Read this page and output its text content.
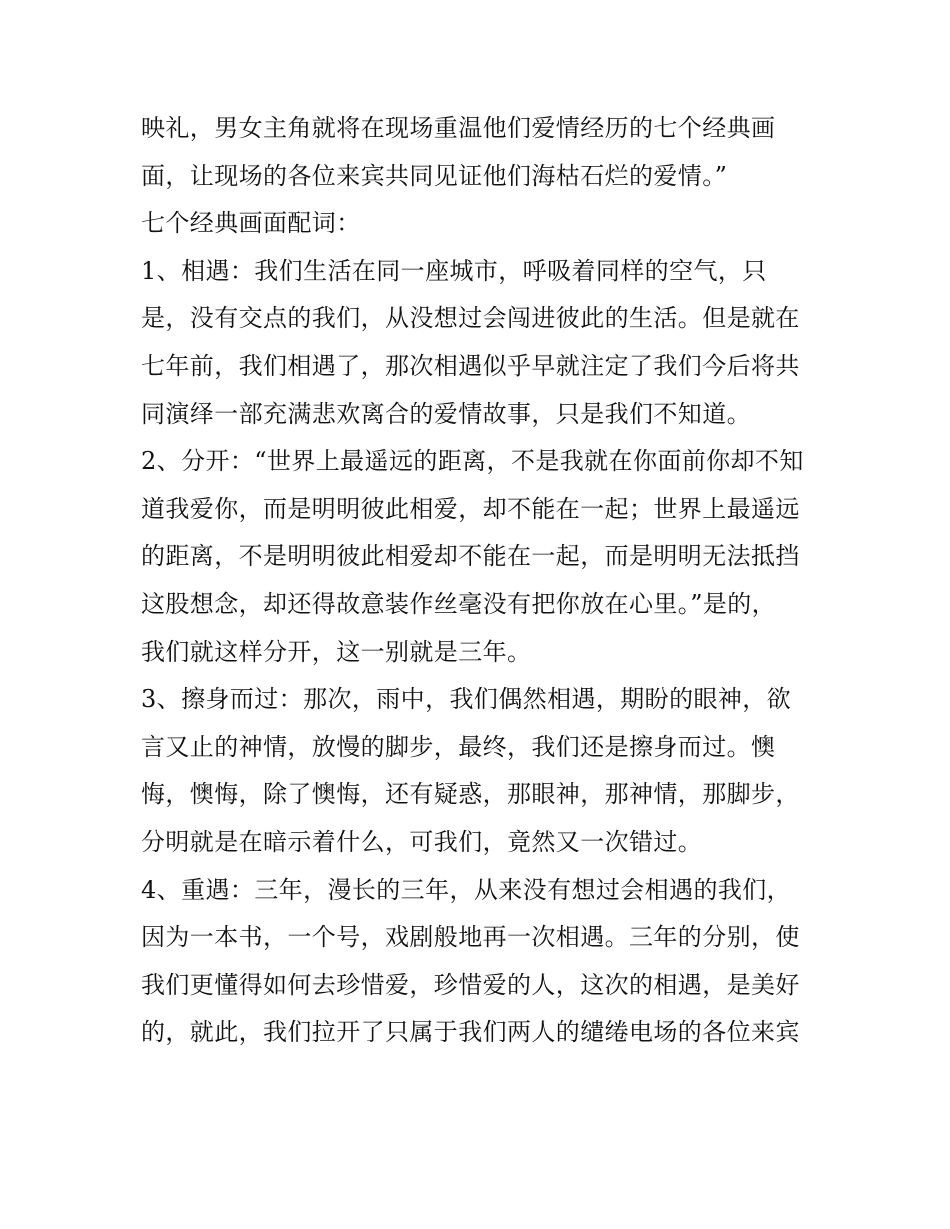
映礼，男女主角就将在现场重温他们爱情经历的七个经典画
面，让现场的各位来宾共同见证他们海枯石烂的爱情。”
七个经典画面配词：
1、相遇：我们生活在同一座城市，呼吸着同样的空气，只
是，没有交点的我们，从没想过会闯进彼此的生活。但是就在
七年前，我们相遇了，那次相遇似乎早就注定了我们今后将共
同演绎一部充满悲欢离合的爱情故事，只是我们不知道。
2、分开：“世界上最遥远的距离，不是我就在你面前你却不知
道我爱你，而是明明彼此相爱，却不能在一起；世界上最遥远
的距离，不是明明彼此相爱却不能在一起，而是明明无法抵挡
这股想念，却还得故意装作丝毫没有把你放在心里。”是的，
我们就这样分开，这一别就是三年。
3、擦身而过：那次，雨中，我们偶然相遇，期盼的眼神，欲
言又止的神情，放慢的脚步，最终，我们还是擦身而过。懊
悔，懊悔，除了懊悔，还有疑惑，那眼神，那神情，那脚步，
分明就是在暗示着什么，可我们，竟然又一次错过。
4、重遇：三年，漫长的三年，从来没有想过会相遇的我们，
因为一本书，一个号，戏剧般地再一次相遇。三年的分别，使
我们更懂得如何去珍惜爱，珍惜爱的人，这次的相遇，是美好
的，就此，我们拉开了只属于我们两人的缱绻电场的各位来宾
